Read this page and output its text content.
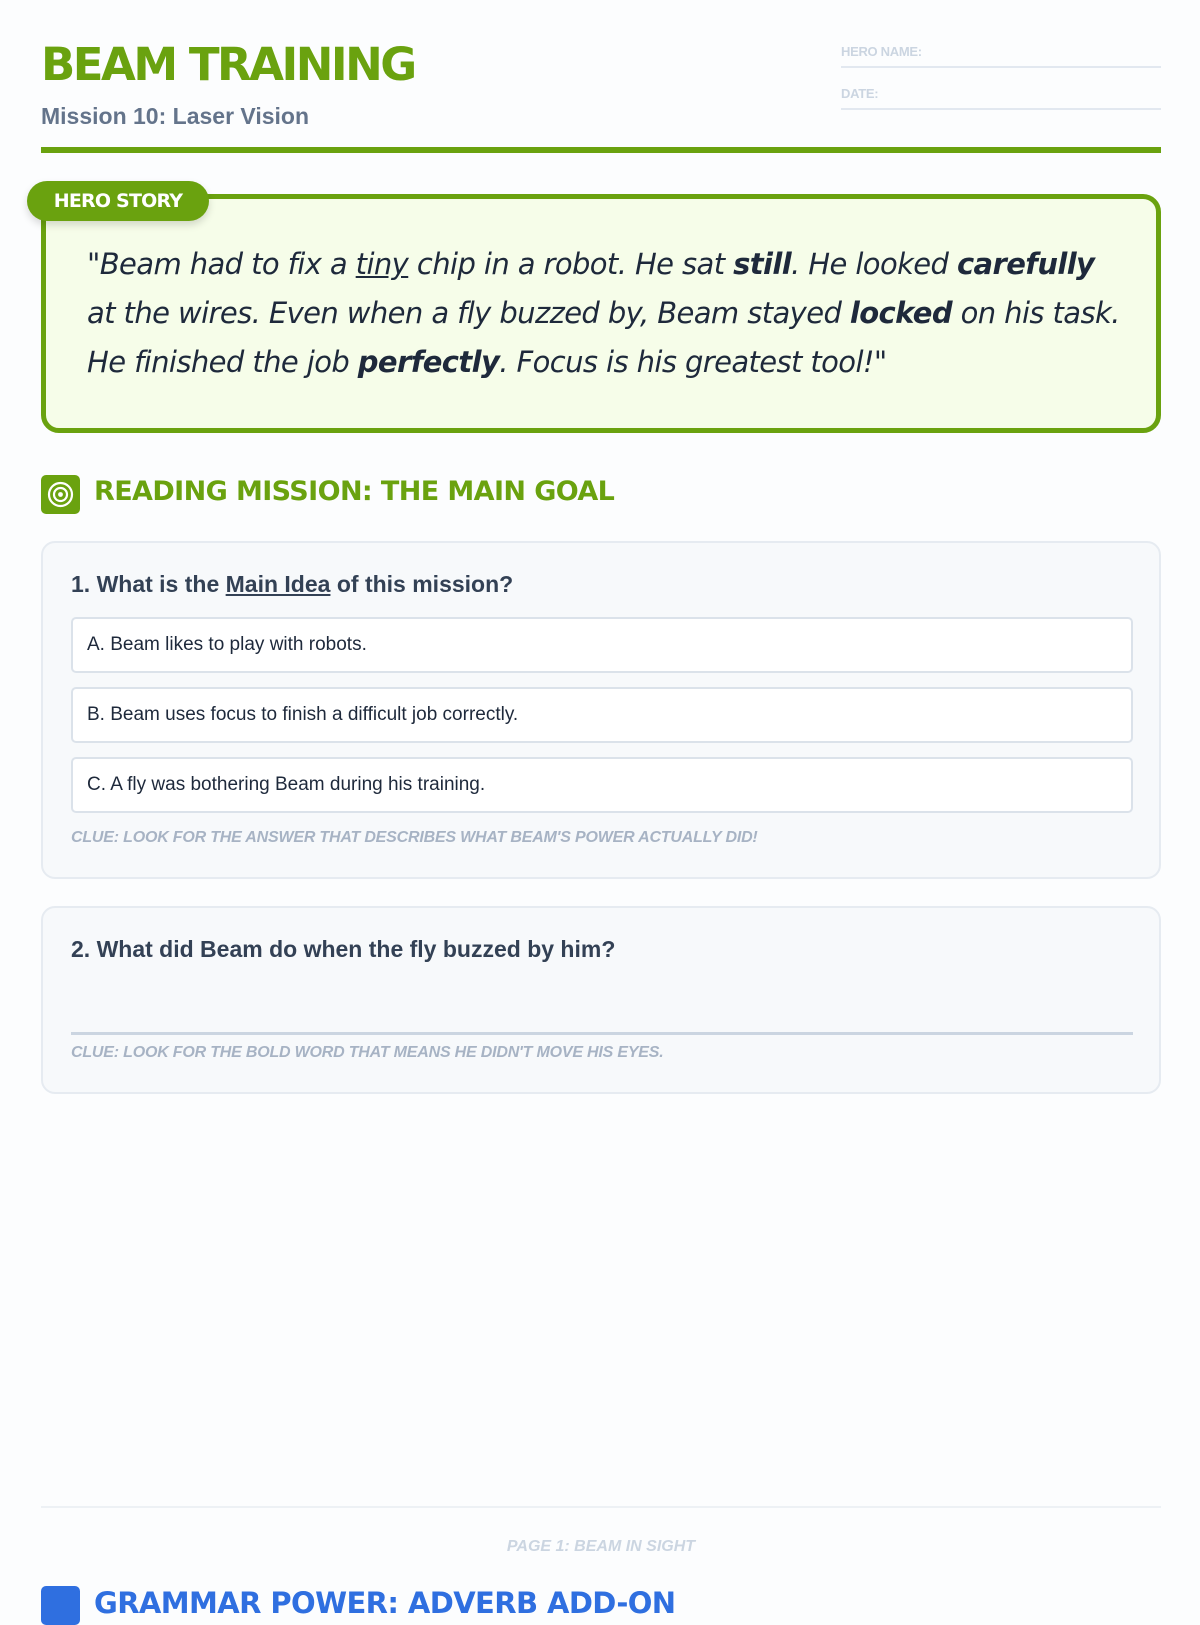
BEAM TRAINING
Mission 10: Laser Vision
HERO NAME:
DATE:
HERO STORY

"Beam had to fix a tiny chip in a robot. He sat still. He looked carefully at the wires. Even when a fly buzzed by, Beam stayed locked on his task. He finished the job perfectly. Focus is his greatest tool!"

READING MISSION: THE MAIN GOAL
1. What is the Main Idea of this mission?
A. Beam likes to play with robots.
B. Beam uses focus to finish a difficult job correctly.
C. A fly was bothering Beam during his training.
CLUE: LOOK FOR THE ANSWER THAT DESCRIBES WHAT BEAM'S POWER ACTUALLY DID!
2. What did Beam do when the fly buzzed by him?
CLUE: LOOK FOR THE BOLD WORD THAT MEANS HE DIDN'T MOVE HIS EYES.
PAGE 1: BEAM IN SIGHT
GRAMMAR POWER: ADVERB ADD-ON
